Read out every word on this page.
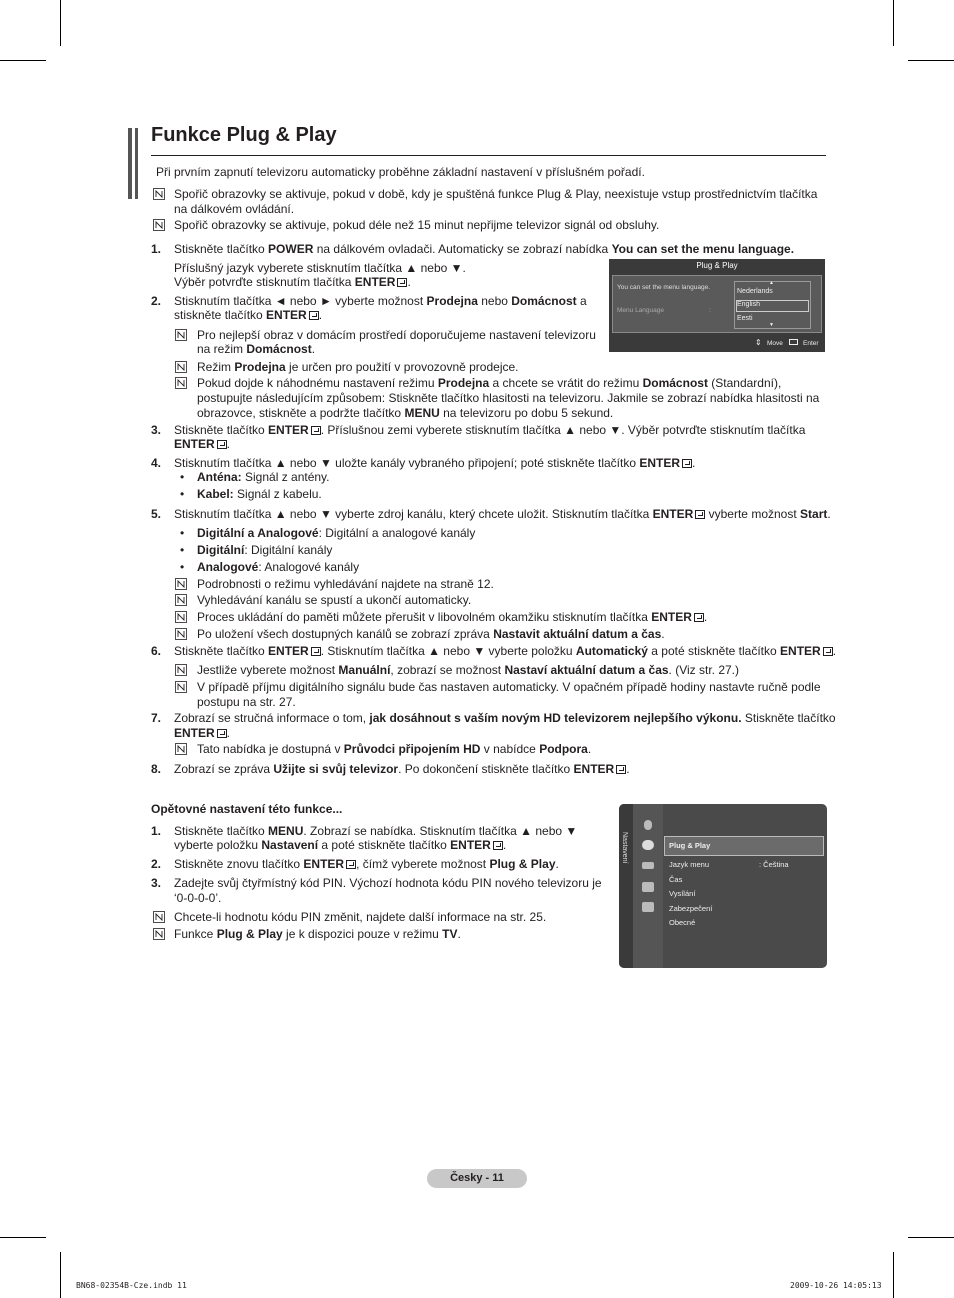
Funkce Plug & Play
Při prvním zapnutí televizoru automaticky proběhne základní nastavení v příslušném pořadí.
Spořič obrazovky se aktivuje, pokud v době, kdy je spuštěná funkce Plug & Play, neexistuje vstup prostřednictvím tlačítka na dálkovém ovládání.
Spořič obrazovky se aktivuje, pokud déle než 15 minut nepřijme televizor signál od obsluhy.
1. Stiskněte tlačítko POWER na dálkovém ovladači. Automaticky se zobrazí nabídka You can set the menu language.
Příslušný jazyk vyberete stisknutím tlačítka ▲ nebo ▼.
Výběr potvrďte stisknutím tlačítka ENTER .
Plug & Play
You can set the menu language.
Menu Language	:
▲
Nederlands
English
Eesti
▼
⇕ Move	Enter
2. Stisknutím tlačítka ◄ nebo ► vyberte možnost Prodejna nebo Domácnost a
stiskněte tlačítko ENTER .
Pro nejlepší obraz v domácím prostředí doporučujeme nastavení televizoru
na režim Domácnost.
Režim Prodejna je určen pro použití v provozovně prodejce.
Pokud dojde k náhodnému nastavení režimu Prodejna a chcete se vrátit do režimu Domácnost (Standardní),
postupujte následujícím způsobem: Stiskněte tlačítko hlasitosti na televizoru. Jakmile se zobrazí nabídka hlasitosti na
obrazovce, stiskněte a podržte tlačítko MENU na televizoru po dobu 5 sekund.
3. Stiskněte tlačítko ENTER . Příslušnou zemi vyberete stisknutím tlačítka ▲ nebo ▼. Výběr potvrďte stisknutím tlačítka
ENTER .
4. Stisknutím tlačítka ▲ nebo ▼ uložte kanály vybraného připojení; poté stiskněte tlačítko ENTER .
• Anténa: Signál z antény.
• Kabel: Signál z kabelu.
5. Stisknutím tlačítka ▲ nebo ▼ vyberte zdroj kanálu, který chcete uložit. Stisknutím tlačítka ENTER vyberte možnost Start.
• Digitální a Analogové: Digitální a analogové kanály
• Digitální: Digitální kanály
• Analogové: Analogové kanály
Podrobnosti o režimu vyhledávání najdete na straně 12.
Vyhledávání kanálu se spustí a ukončí automaticky.
Proces ukládání do paměti můžete přerušit v libovolném okamžiku stisknutím tlačítka ENTER .
Po uložení všech dostupných kanálů se zobrazí zpráva Nastavit aktuální datum a čas.
6. Stiskněte tlačítko ENTER . Stisknutím tlačítka ▲ nebo ▼ vyberte položku Automatický a poté stiskněte tlačítko ENTER .
Jestliže vyberete možnost Manuální, zobrazí se možnost Nastaví aktuální datum a čas. (Viz str. 27.)
V případě příjmu digitálního signálu bude čas nastaven automaticky. V opačném případě hodiny nastavte ručně podle
postupu na str. 27.
7. Zobrazí se stručná informace o tom, jak dosáhnout s vaším novým HD televizorem nejlepšího výkonu. Stiskněte tlačítko
ENTER .
Tato nabídka je dostupná v Průvodci připojením HD v nabídce Podpora.
8. Zobrazí se zpráva Užijte si svůj televizor. Po dokončení stiskněte tlačítko ENTER .
Opětovné nastavení této funkce...
1. Stiskněte tlačítko MENU. Zobrazí se nabídka. Stisknutím tlačítka ▲ nebo ▼
vyberte položku Nastavení a poté stiskněte tlačítko ENTER .
2. Stiskněte znovu tlačítko ENTER , čímž vyberete možnost Plug & Play.
3. Zadejte svůj čtyřmístný kód PIN. Výchozí hodnota kódu PIN nového televizoru je
‘0-0-0-0’.
Chcete-li hodnotu kódu PIN změnit, najdete další informace na str. 25.
Funkce Plug & Play je k dispozici pouze v režimu TV.
Nastavení	Plug & Play
Jazyk menu	: Čeština
Čas
Vysílání
Zabezpečení
Obecné
Česky - 11
BN68-02354B-Cze.indb 11	2009-10-26 14:05:13
